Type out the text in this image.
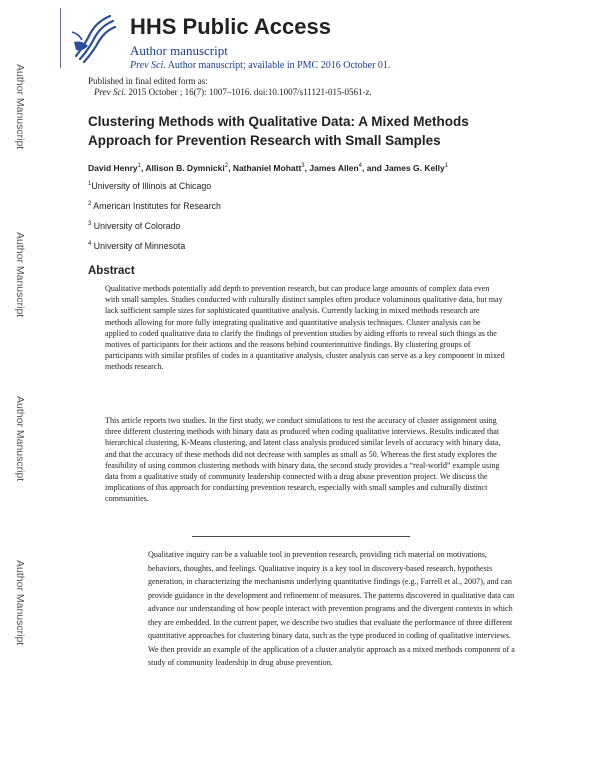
Author Manuscript
Author Manuscript
Author Manuscript
Author Manuscript
HHS Public Access
Author manuscript
Prev Sci. Author manuscript; available in PMC 2016 October 01.
Published in final edited form as:
Prev Sci. 2015 October ; 16(7): 1007–1016. doi:10.1007/s11121-015-0561-z.
Clustering Methods with Qualitative Data: A Mixed Methods Approach for Prevention Research with Small Samples
David Henry$^1$, Allison B. Dymnicki$^2$, Nathaniel Mohatt$^3$, James Allen$^4$, and James G. Kelly$^1$
$^1$University of Illinois at Chicago
$^2$ American Institutes for Research
$^3$ University of Colorado
$^4$ University of Minnesota
Abstract

Qualitative methods potentially add depth to prevention research, but can produce large amounts of complex data even with small samples. Studies conducted with culturally distinct samples often produce voluminous qualitative data, but may lack sufficient sample sizes for sophisticated quantitative analysis. Currently lacking in mixed methods research are methods allowing for more fully integrating qualitative and quantitative analysis techniques. Cluster analysis can be applied to coded qualitative data to clarify the findings of prevention studies by aiding efforts to reveal such things as the motives of participants for their actions and the reasons behind counterintuitive findings. By clustering groups of participants with similar profiles of codes in a quantitative analysis, cluster analysis can serve as a key component in mixed methods research.

This article reports two studies. In the first study, we conduct simulations to test the accuracy of cluster assignment using three different clustering methods with binary data as produced when coding qualitative interviews. Results indicated that hierarchical clustering, K-Means clustering, and latent class analysis produced similar levels of accuracy with binary data, and that the accuracy of these methods did not decrease with samples as small as 50. Whereas the first study explores the feasibility of using common clustering methods with binary data, the second study provides a “real-world” example using data from a qualitative study of community leadership connected with a drug abuse prevention project. We discuss the implications of this approach for conducting prevention research, especially with small samples and culturally distinct communities.

Qualitative inquiry can be a valuable tool in prevention research, providing rich material on motivations, behaviors, thoughts, and feelings. Qualitative inquiry is a key tool in discovery-based research, hypothesis generation, in characterizing the mechanisms underlying quantitative findings (e.g., Farrell et al., 2007), and can provide guidance in the development and refinement of measures. The patterns discovered in qualitative data can advance our understanding of how people interact with prevention programs and the divergent contexts in which they are embedded. In the current paper, we describe two studies that evaluate the performance of three different quantitative approaches for clustering binary data, such as the type produced in coding of qualitative interviews. We then provide an example of the application of a cluster analytic approach as a mixed methods component of a study of community leadership in drug abuse prevention.
